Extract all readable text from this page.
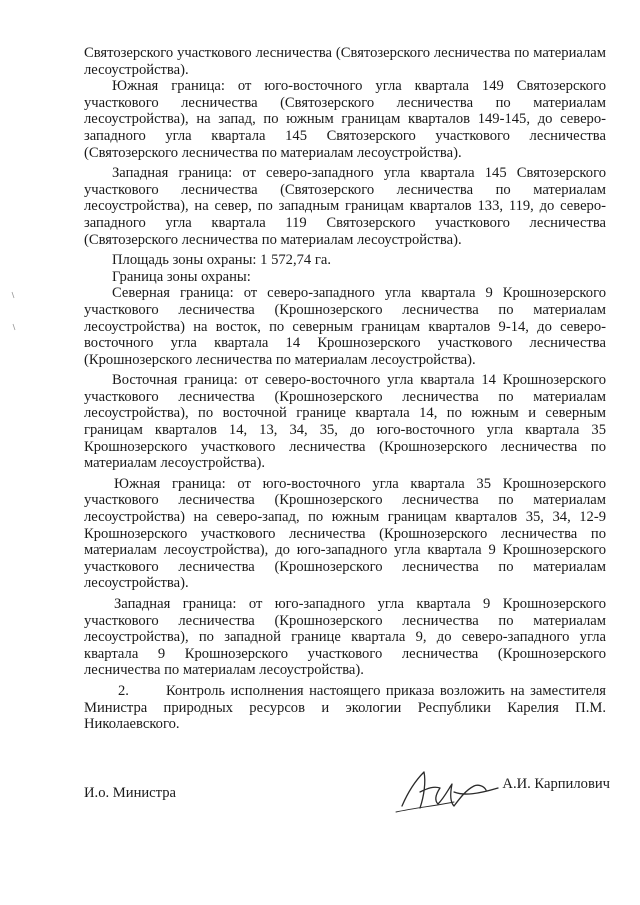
Святозерского участкового лесничества (Святозерского лесничества по материалам лесоустройства).

Южная граница: от юго-восточного угла квартала 149 Святозерского участкового лесничества (Святозерского лесничества по материалам лесоустройства), на запад, по южным границам кварталов 149-145, до северо-западного угла квартала 145 Святозерского участкового лесничества (Святозерского лесничества по материалам лесоустройства).

Западная граница: от северо-западного угла квартала 145 Святозерского участкового лесничества (Святозерского лесничества по материалам лесоустройства), на север, по западным границам кварталов 133, 119, до северо-западного угла квартала 119 Святозерского участкового лесничества (Святозерского лесничества по материалам лесоустройства).

Площадь зоны охраны: 1 572,74 га.

Граница зоны охраны:

Северная граница: от северо-западного угла квартала 9 Крошнозерского участкового лесничества (Крошнозерского лесничества по материалам лесоустройства) на восток, по северным границам кварталов 9-14, до северо-восточного угла квартала 14 Крошнозерского участкового лесничества (Крошнозерского лесничества по материалам лесоустройства).

Восточная граница: от северо-восточного угла квартала 14 Крошнозерского участкового лесничества (Крошнозерского лесничества по материалам лесоустройства), по восточной границе квартала 14, по южным и северным границам кварталов 14, 13, 34, 35, до юго-восточного угла квартала 35 Крошнозерского участкового лесничества (Крошнозерского лесничества по материалам лесоустройства).

Южная граница: от юго-восточного угла квартала 35 Крошнозерского участкового лесничества (Крошнозерского лесничества по материалам лесоустройства) на северо-запад, по южным границам кварталов 35, 34, 12-9 Крошнозерского участкового лесничества (Крошнозерского лесничества по материалам лесоустройства), до юго-западного угла квартала 9 Крошнозерского участкового лесничества (Крошнозерского лесничества по материалам лесоустройства).

Западная граница: от юго-западного угла квартала 9 Крошнозерского участкового лесничества (Крошнозерского лесничества по материалам лесоустройства), по западной границе квартала 9, до северо-западного угла квартала 9 Крошнозерского участкового лесничества (Крошнозерского лесничества по материалам лесоустройства).

2.	Контроль исполнения настоящего приказа возложить на заместителя Министра природных ресурсов и экологии Республики Карелия П.М. Николаевского.

И.о. Министра
А.И. Карпилович
